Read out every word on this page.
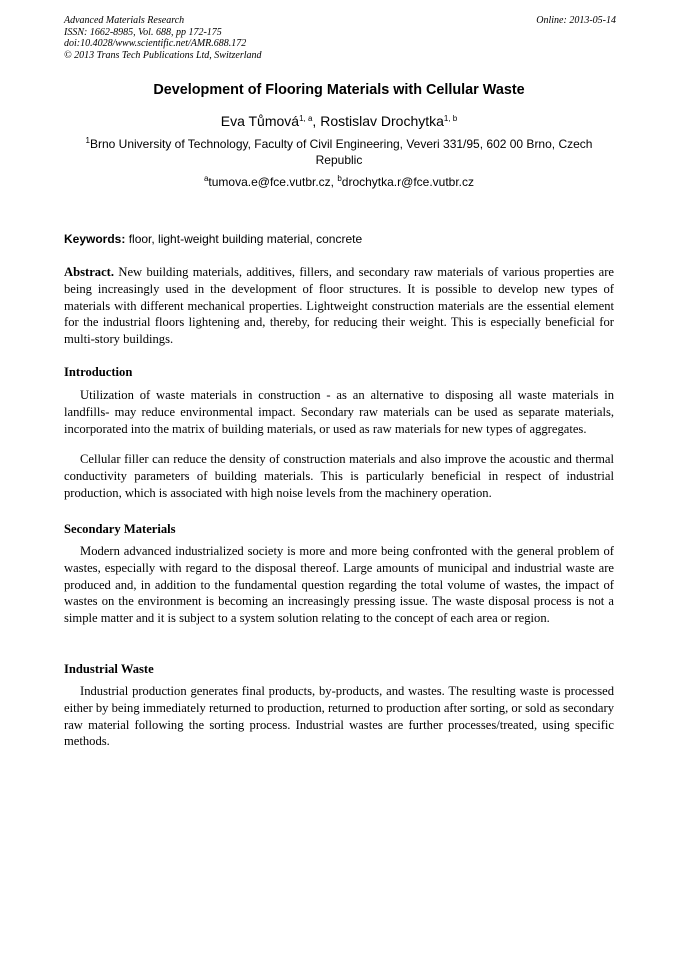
Advanced Materials Research
ISSN: 1662-8985, Vol. 688, pp 172-175
doi:10.4028/www.scientific.net/AMR.688.172
© 2013 Trans Tech Publications Ltd, Switzerland
Online: 2013-05-14
Development of Flooring Materials with Cellular Waste
Eva Tůmová$^{1, a}$, Rostislav Drochytka$^{1, b}$
$^1$Brno University of Technology, Faculty of Civil Engineering, Veveri 331/95, 602 00 Brno, Czech Republic
$^a$tumova.e@fce.vutbr.cz, $^b$drochytka.r@fce.vutbr.cz
Keywords: floor, light-weight building material, concrete

Abstract. New building materials, additives, fillers, and secondary raw materials of various properties are being increasingly used in the development of floor structures. It is possible to develop new types of materials with different mechanical properties. Lightweight construction materials are the essential element for the industrial floors lightening and, thereby, for reducing their weight. This is especially beneficial for multi-story buildings.

Introduction

Utilization of waste materials in construction - as an alternative to disposing all waste materials in landfills- may reduce environmental impact. Secondary raw materials can be used as separate materials, incorporated into the matrix of building materials, or used as raw materials for new types of aggregates.

Cellular filler can reduce the density of construction materials and also improve the acoustic and thermal conductivity parameters of building materials. This is particularly beneficial in respect of industrial production, which is associated with high noise levels from the machinery operation.

Secondary Materials

Modern advanced industrialized society is more and more being confronted with the general problem of wastes, especially with regard to the disposal thereof. Large amounts of municipal and industrial waste are produced and, in addition to the fundamental question regarding the total volume of wastes, the impact of wastes on the environment is becoming an increasingly pressing issue. The waste disposal process is not a simple matter and it is subject to a system solution relating to the concept of each area or region.

Industrial Waste

Industrial production generates final products, by-products, and wastes. The resulting waste is processed either by being immediately returned to production, returned to production after sorting, or sold as secondary raw material following the sorting process. Industrial wastes are further processes/treated, using specific methods.
